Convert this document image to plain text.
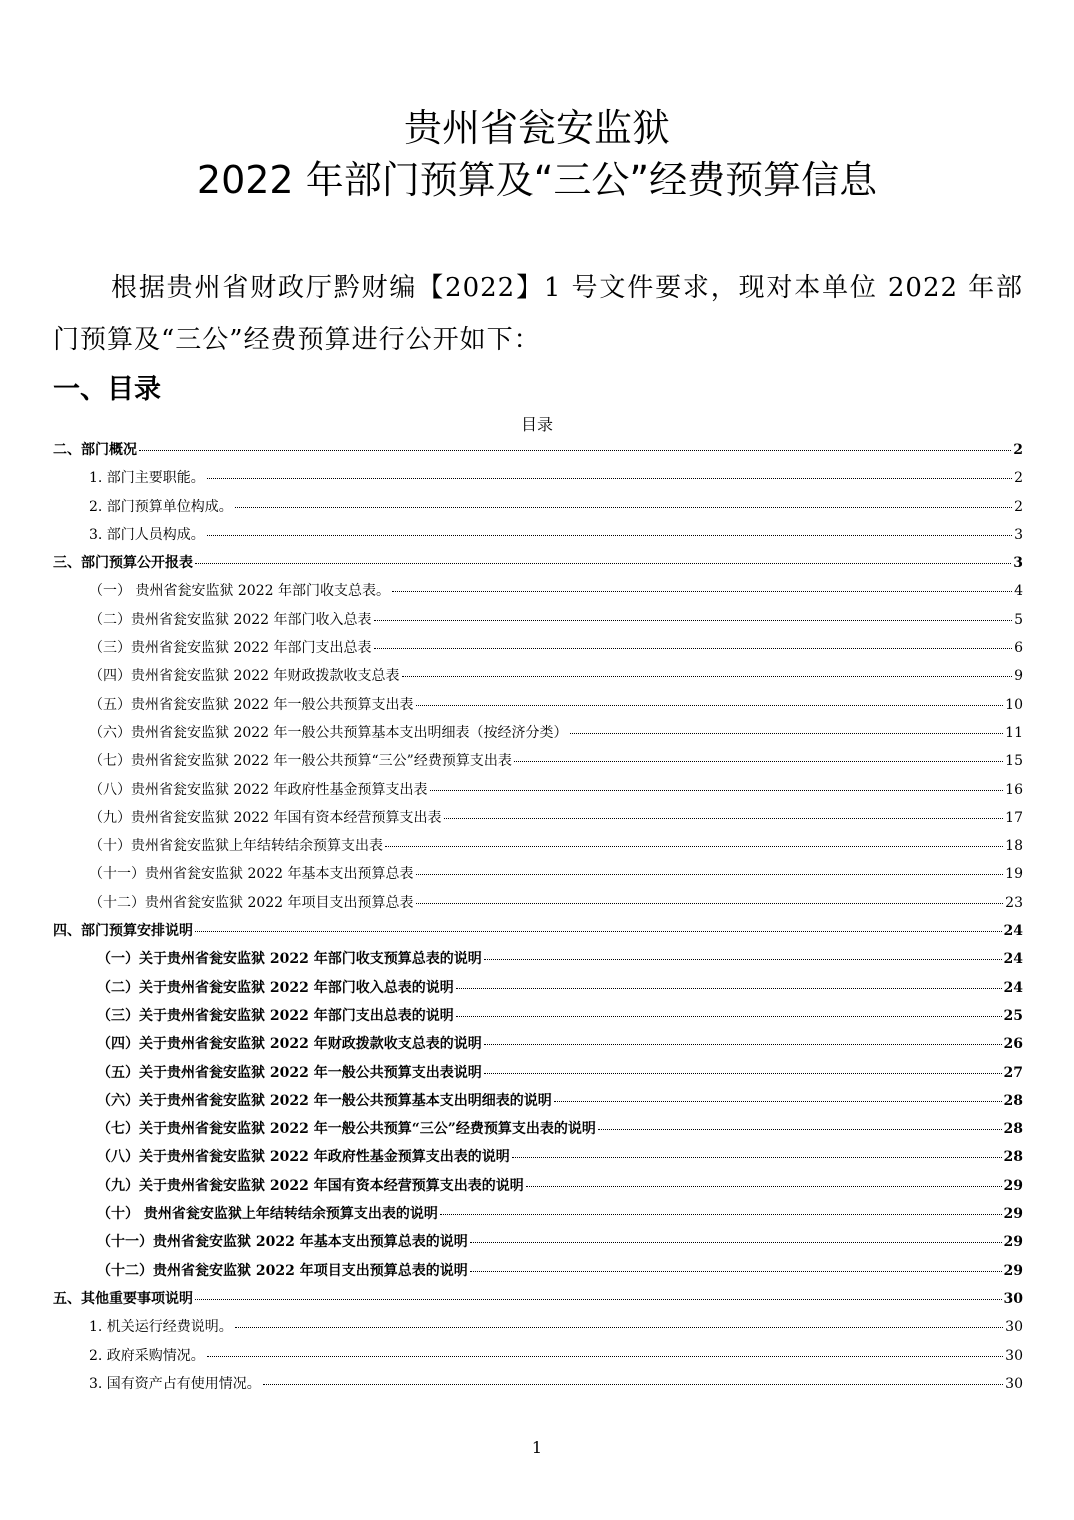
贵州省瓮安监狱
2022 年部门预算及“三公”经费预算信息
根据贵州省财政厅黔财编【2022】1 号文件要求，现对本单位 2022 年部门预算及“三公”经费预算进行公开如下：
一、目录
目录
二、部门概况	2
1. 部门主要职能。	2
2. 部门预算单位构成。	2
3. 部门人员构成。	3
三、部门预算公开报表	3
（一） 贵州省瓮安监狱 2022 年部门收支总表。	4
（二）贵州省瓮安监狱 2022 年部门收入总表	5
（三）贵州省瓮安监狱 2022 年部门支出总表	6
（四）贵州省瓮安监狱 2022 年财政拨款收支总表	9
（五）贵州省瓮安监狱 2022 年一般公共预算支出表	10
（六）贵州省瓮安监狱 2022 年一般公共预算基本支出明细表（按经济分类）	11
（七）贵州省瓮安监狱 2022 年一般公共预算“三公”经费预算支出表	15
（八）贵州省瓮安监狱 2022 年政府性基金预算支出表	16
（九）贵州省瓮安监狱 2022 年国有资本经营预算支出表	17
（十）贵州省瓮安监狱上年结转结余预算支出表	18
（十一）贵州省瓮安监狱 2022 年基本支出预算总表	19
（十二）贵州省瓮安监狱 2022 年项目支出预算总表	23
四、部门预算安排说明	24
（一）关于贵州省瓮安监狱 2022 年部门收支预算总表的说明	24
（二）关于贵州省瓮安监狱 2022 年部门收入总表的说明	24
（三）关于贵州省瓮安监狱 2022 年部门支出总表的说明	25
（四）关于贵州省瓮安监狱 2022 年财政拨款收支总表的说明	26
（五）关于贵州省瓮安监狱 2022 年一般公共预算支出表说明	27
（六）关于贵州省瓮安监狱 2022 年一般公共预算基本支出明细表的说明	28
（七）关于贵州省瓮安监狱 2022 年一般公共预算“三公”经费预算支出表的说明	28
（八）关于贵州省瓮安监狱 2022 年政府性基金预算支出表的说明	28
（九）关于贵州省瓮安监狱 2022 年国有资本经营预算支出表的说明	29
（十） 贵州省瓮安监狱上年结转结余预算支出表的说明	29
（十一）贵州省瓮安监狱 2022 年基本支出预算总表的说明	29
（十二）贵州省瓮安监狱 2022 年项目支出预算总表的说明	29
五、其他重要事项说明	30
1. 机关运行经费说明。	30
2. 政府采购情况。	30
3. 国有资产占有使用情况。	30
1
